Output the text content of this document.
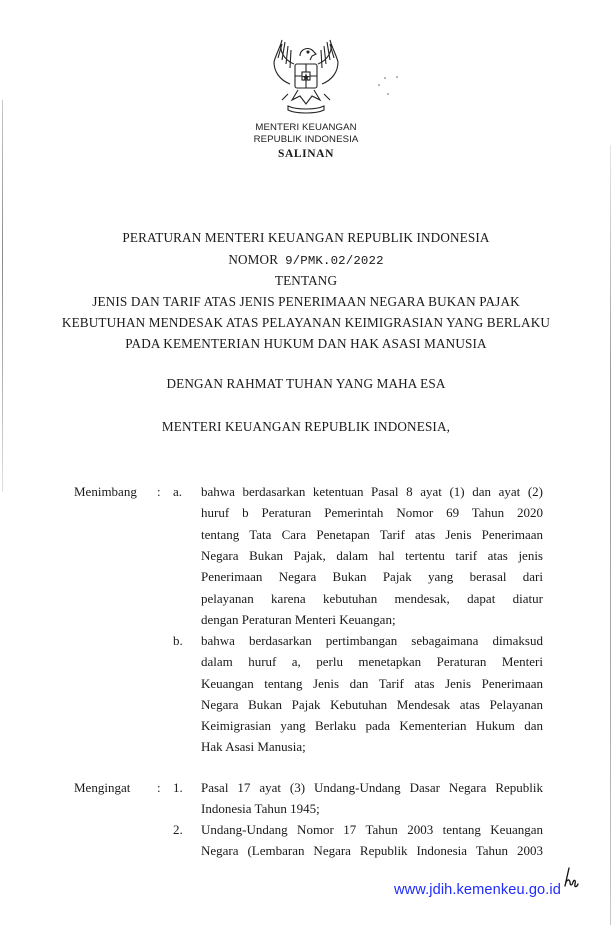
MENTERI KEUANGAN
REPUBLIK INDONESIA
SALINAN
PERATURAN MENTERI KEUANGAN REPUBLIK INDONESIA
NOMOR 9/PMK.02/2022
TENTANG
JENIS DAN TARIF ATAS JENIS PENERIMAAN NEGARA BUKAN PAJAK
KEBUTUHAN MENDESAK ATAS PELAYANAN KEIMIGRASIAN YANG BERLAKU
PADA KEMENTERIAN HUKUM DAN HAK ASASI MANUSIA
DENGAN RAHMAT TUHAN YANG MAHA ESA
MENTERI KEUANGAN REPUBLIK INDONESIA,
Menimbang : a. bahwa berdasarkan ketentuan Pasal 8 ayat (1) dan ayat (2)
huruf b Peraturan Pemerintah Nomor 69 Tahun 2020
tentang Tata Cara Penetapan Tarif atas Jenis Penerimaan
Negara Bukan Pajak, dalam hal tertentu tarif atas jenis
Penerimaan Negara Bukan Pajak yang berasal dari
pelayanan karena kebutuhan mendesak, dapat diatur
dengan Peraturan Menteri Keuangan;
b. bahwa berdasarkan pertimbangan sebagaimana dimaksud
dalam huruf a, perlu menetapkan Peraturan Menteri
Keuangan tentang Jenis dan Tarif atas Jenis Penerimaan
Negara Bukan Pajak Kebutuhan Mendesak atas Pelayanan
Keimigrasian yang Berlaku pada Kementerian Hukum dan
Hak Asasi Manusia;
Mengingat : 1. Pasal 17 ayat (3) Undang-Undang Dasar Negara Republik
Indonesia Tahun 1945;
2. Undang-Undang Nomor 17 Tahun 2003 tentang Keuangan
Negara (Lembaran Negara Republik Indonesia Tahun 2003
www.jdih.kemenkeu.go.id
